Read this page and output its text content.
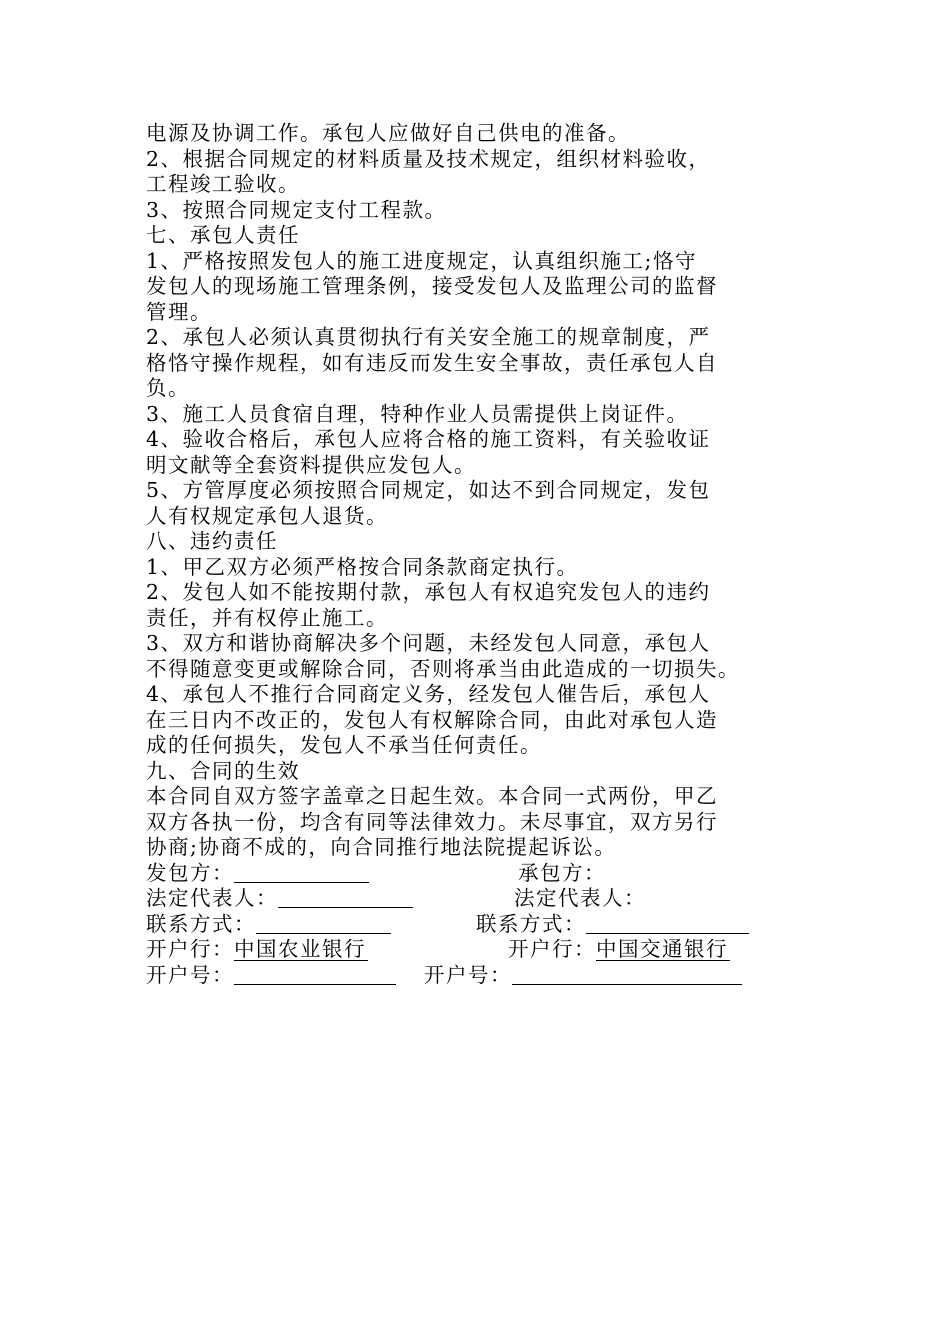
电源及协调工作。承包人应做好自己供电的准备。
2、根据合同规定的材料质量及技术规定，组织材料验收，
工程竣工验收。
3、按照合同规定支付工程款。
七、承包人责任
1、严格按照发包人的施工进度规定，认真组织施工;恪守
发包人的现场施工管理条例，接受发包人及监理公司的监督
管理。
2、承包人必须认真贯彻执行有关安全施工的规章制度，严
格恪守操作规程，如有违反而发生安全事故，责任承包人自
负。
3、施工人员食宿自理，特种作业人员需提供上岗证件。
4、验收合格后，承包人应将合格的施工资料，有关验收证
明文献等全套资料提供应发包人。
5、方管厚度必须按照合同规定，如达不到合同规定，发包
人有权规定承包人退货。
八、违约责任
1、甲乙双方必须严格按合同条款商定执行。
2、发包人如不能按期付款，承包人有权追究发包人的违约
责任，并有权停止施工。
3、双方和谐协商解决多个问题，未经发包人同意，承包人
不得随意变更或解除合同，否则将承当由此造成的一切损失。
4、承包人不推行合同商定义务，经发包人催告后，承包人
在三日内不改正的，发包人有权解除合同，由此对承包人造
成的任何损失，发包人不承当任何责任。
九、合同的生效
本合同自双方签字盖章之日起生效。本合同一式两份，甲乙
双方各执一份，均含有同等法律效力。未尽事宜，双方另行
协商;协商不成的，向合同推行地法院提起诉讼。
发包方：	承包方：
法定代表人：	法定代表人：
联系方式：	联系方式：
开户行：中国农业银行	开户行：中国交通银行
开户号：	开户号：
